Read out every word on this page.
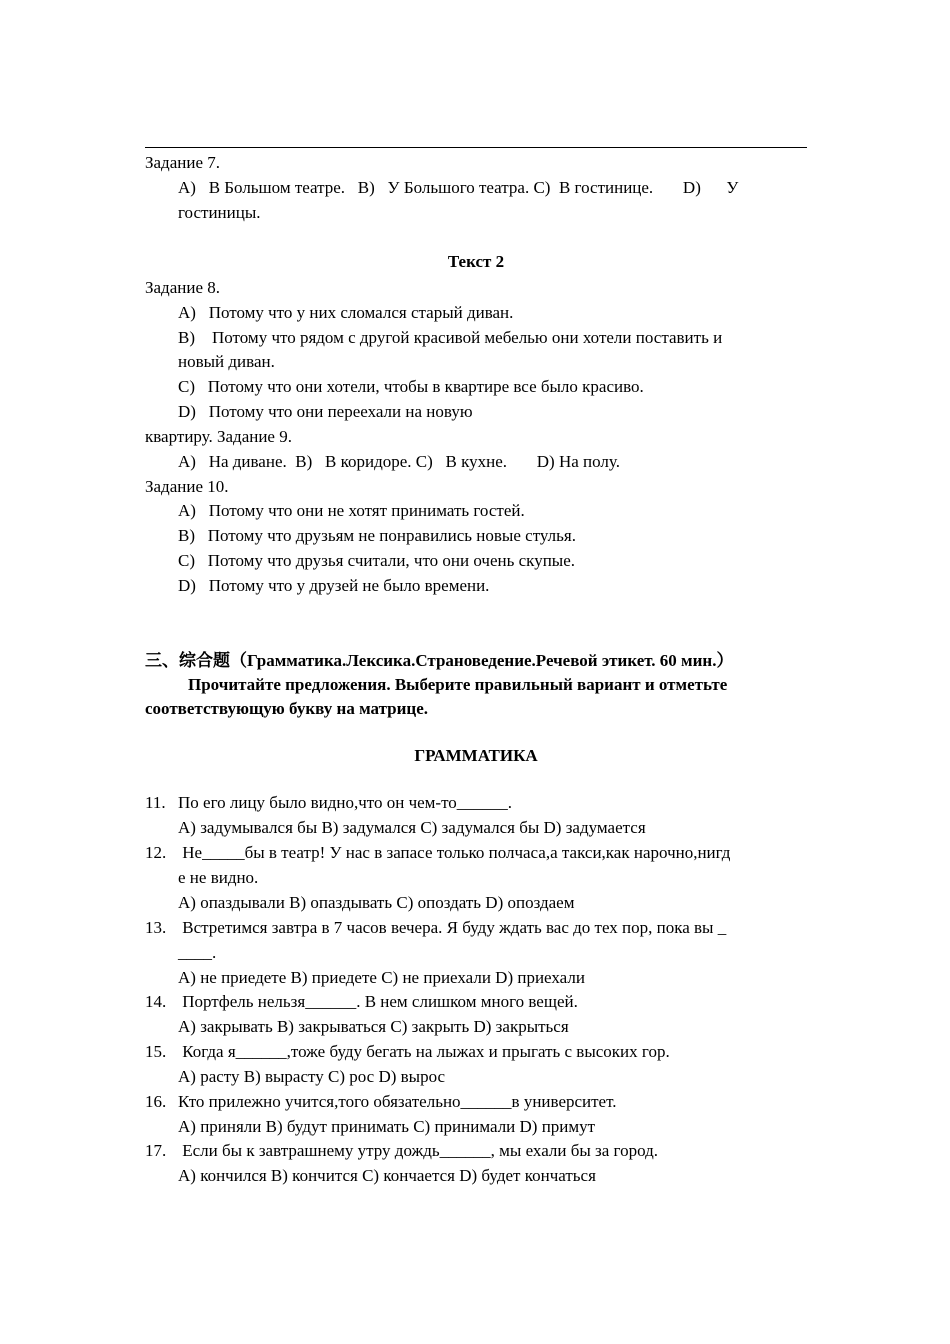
Задание 7.
A)   В Большом театре.   B)   У Большого театра. C)  В гостинице.       D)      У
гостиницы.
Текст 2
Задание 8.
A)   Потому что у них сломался старый диван.
B)    Потому что рядом с другой красивой мебелью они хотели поставить и
новый диван.
C)   Потому что они хотели, чтобы в квартире все было красиво.
D)   Потому что они переехали на новую
квартиру. Задание 9.
A)   На диване.  B)   В коридоре. C)   В кухне.       D) На полу.
Задание 10.
A)   Потому что они не хотят принимать гостей.
B)   Потому что друзьям не понравились новые стулья.
C)   Потому что друзья считали, что они очень скупые.
D)   Потому что у друзей не было времени.
三、综合题（Грамматика.Лексика.Страноведение.Речевой этикет. 60 мин.）
Прочитайте предложения. Выберите правильный вариант и отметьте
соответствующую букву на матрице.
ГРАММАТИКА
11. По его лицу было видно,что он чем-то______.
A) задумывался бы B) задумался C) задумался бы D) задумается
12. Не_____бы в театр! У нас в запасе только полчаса,а такси,как нарочно,нигд
е не видно.
A) опаздывали B) опаздывать C) опоздать D) опоздаем
13. Встретимся завтра в 7 часов вечера. Я буду ждать вас до тех пор, пока вы _
____.
A) не приедете B) приедете C) не приехали D) приехали
14. Портфель нельзя______. В нем слишком много вещей.
A) закрывать B) закрываться C) закрыть D) закрыться
15. Когда я______,тоже буду бегать на лыжах и прыгать с высоких гор.
A) расту B) вырасту C) рос D) вырос
16. Кто прилежно учится,того обязательно______в университет.
A) приняли B) будут принимать C) принимали D) примут
17. Если бы к завтрашнему утру дождь______, мы ехали бы за город.
A) кончился B) кончится C) кончается D) будет кончаться
